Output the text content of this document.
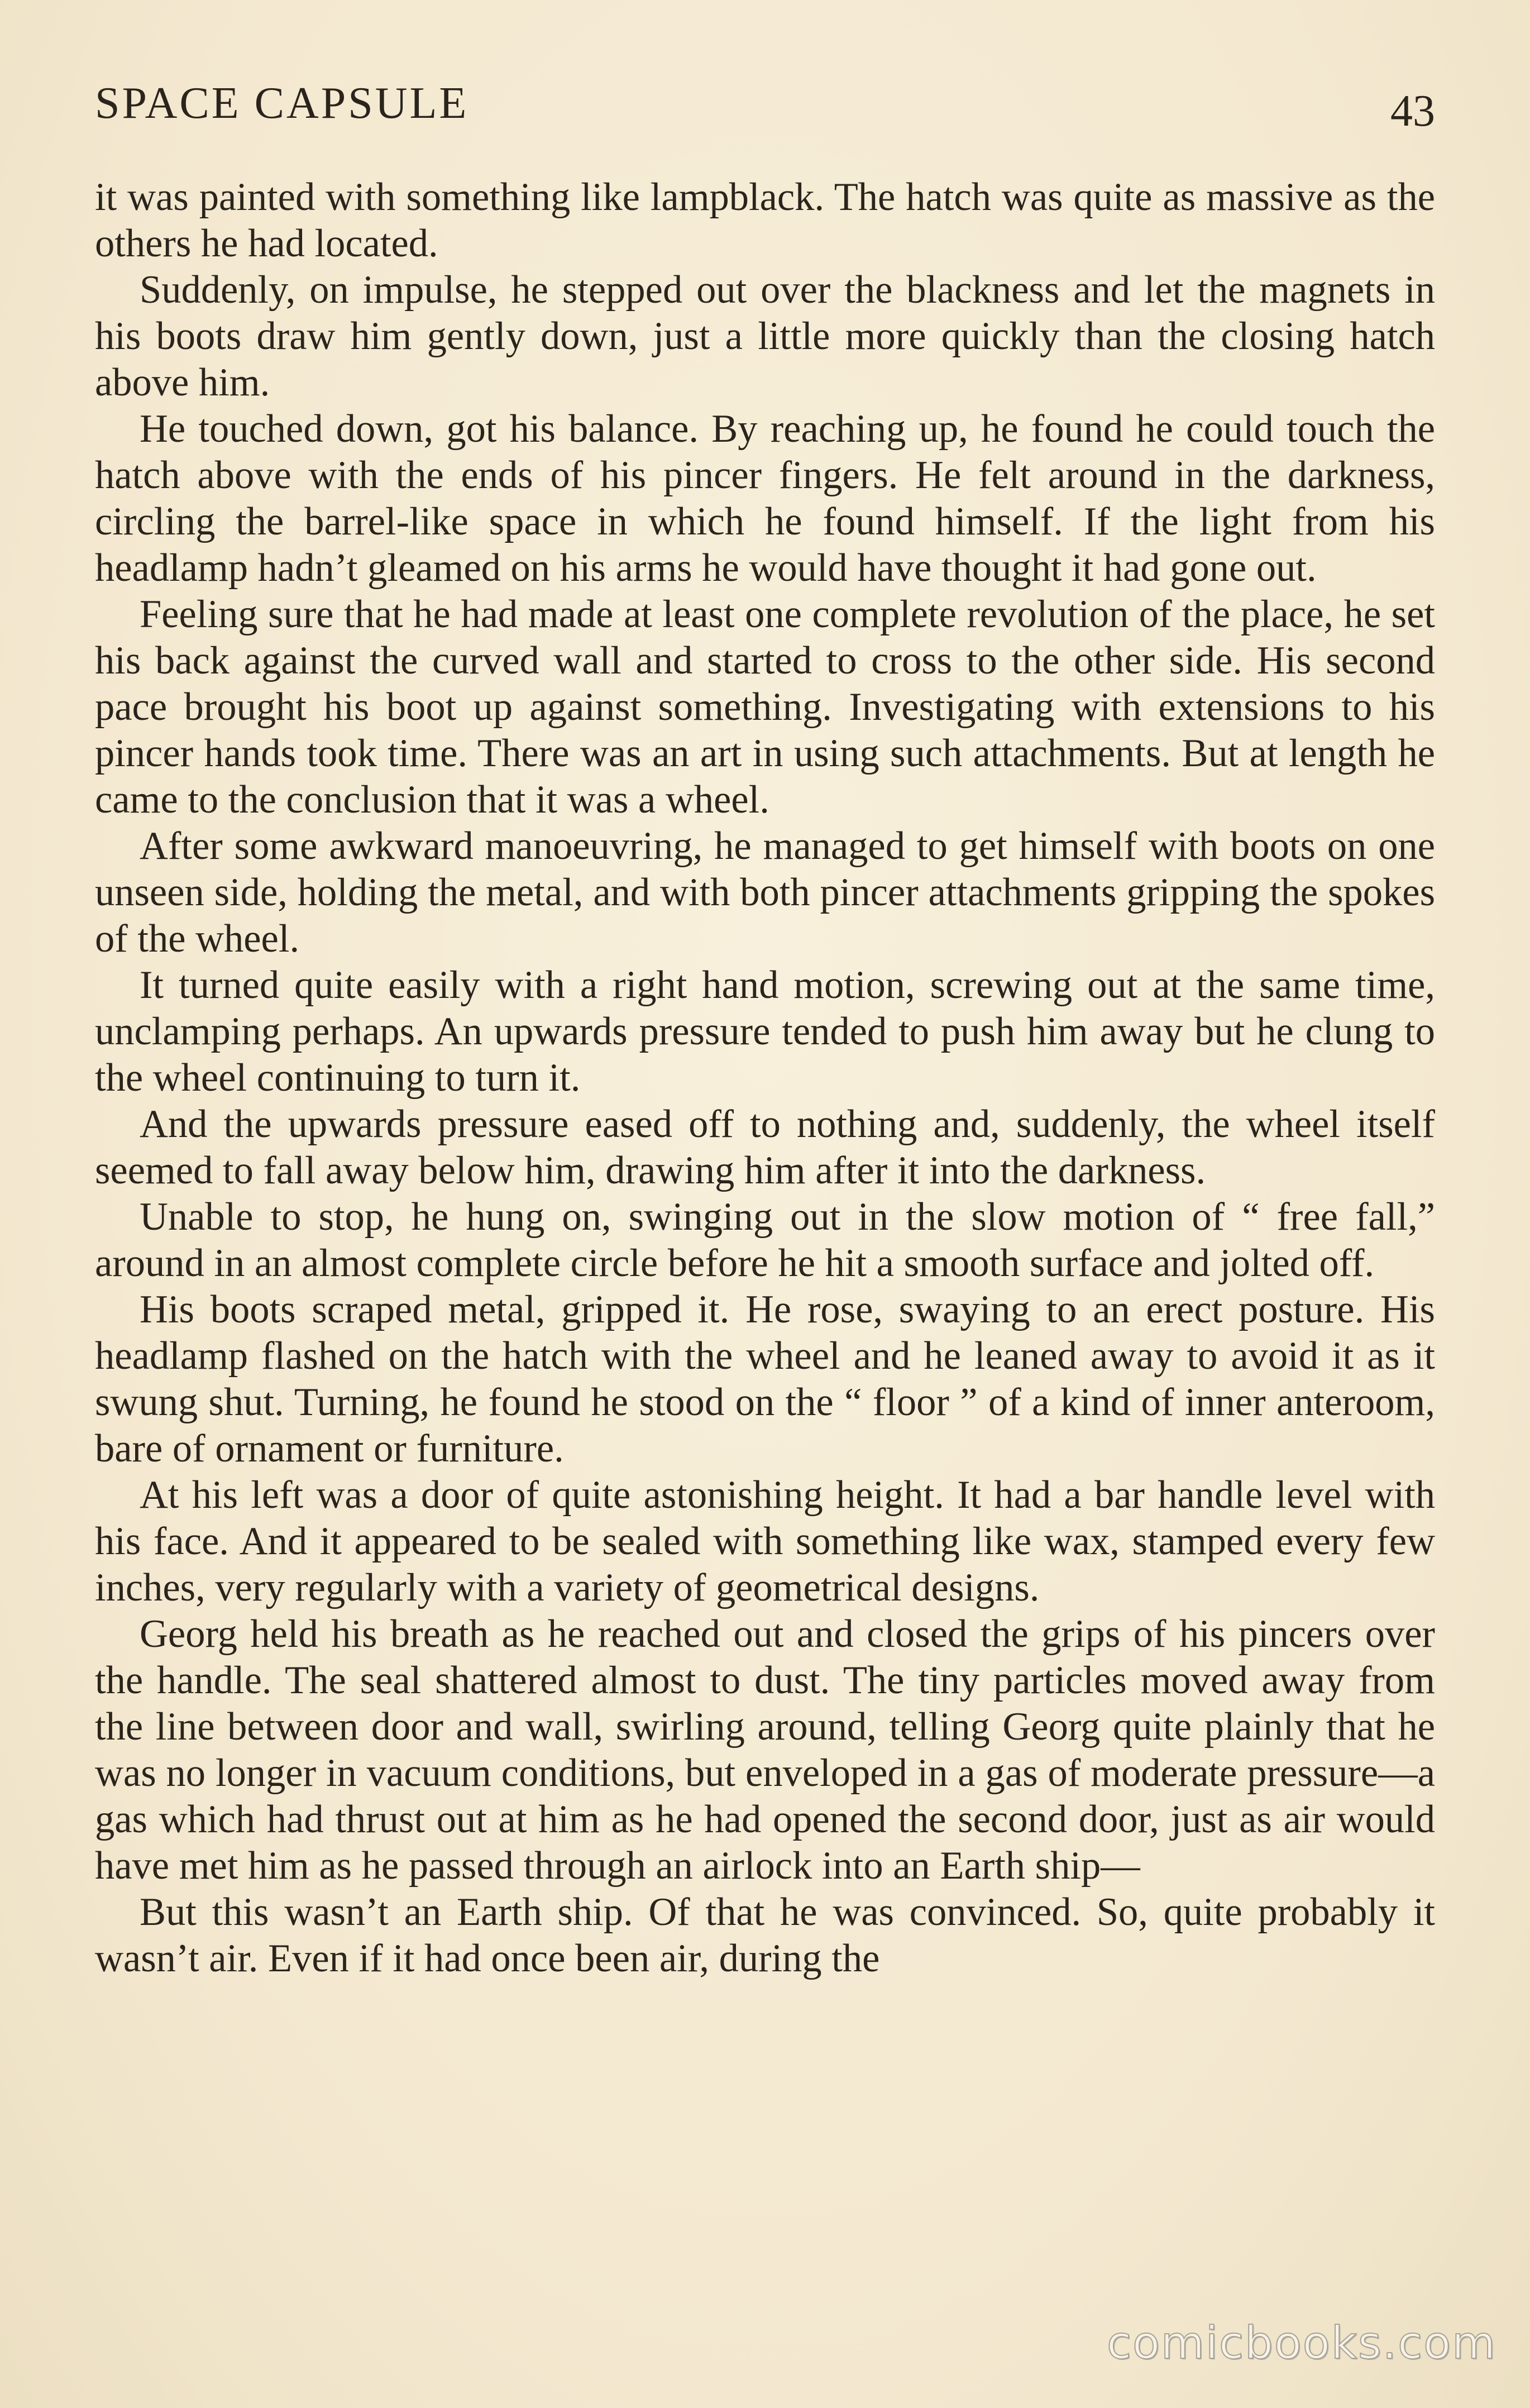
SPACE CAPSULE	43

it was painted with something like lampblack. The hatch was quite as massive as the others he had located.

Suddenly, on impulse, he stepped out over the blackness and let the magnets in his boots draw him gently down, just a little more quickly than the closing hatch above him.

He touched down, got his balance. By reaching up, he found he could touch the hatch above with the ends of his pincer fingers. He felt around in the darkness, circling the barrel-like space in which he found himself. If the light from his headlamp hadn’t gleamed on his arms he would have thought it had gone out.

Feeling sure that he had made at least one complete revolution of the place, he set his back against the curved wall and started to cross to the other side. His second pace brought his boot up against something. Investigating with extensions to his pincer hands took time. There was an art in using such attachments. But at length he came to the conclusion that it was a wheel.

After some awkward manoeuvring, he managed to get himself with boots on one unseen side, holding the metal, and with both pincer attachments gripping the spokes of the wheel.

It turned quite easily with a right hand motion, screwing out at the same time, unclamping perhaps. An upwards pressure tended to push him away but he clung to the wheel continuing to turn it.

And the upwards pressure eased off to nothing and, suddenly, the wheel itself seemed to fall away below him, drawing him after it into the darkness.

Unable to stop, he hung on, swinging out in the slow motion of “ free fall,” around in an almost complete circle before he hit a smooth surface and jolted off.

His boots scraped metal, gripped it. He rose, swaying to an erect posture. His headlamp flashed on the hatch with the wheel and he leaned away to avoid it as it swung shut. Turning, he found he stood on the “ floor ” of a kind of inner anteroom, bare of ornament or furniture.

At his left was a door of quite astonishing height. It had a bar handle level with his face. And it appeared to be sealed with something like wax, stamped every few inches, very regularly with a variety of geometrical designs.

Georg held his breath as he reached out and closed the grips of his pincers over the handle. The seal shattered almost to dust. The tiny particles moved away from the line between door and wall, swirling around, telling Georg quite plainly that he was no longer in vacuum conditions, but enveloped in a gas of moderate pressure—a gas which had thrust out at him as he had opened the second door, just as air would have met him as he passed through an airlock into an Earth ship—

But this wasn’t an Earth ship. Of that he was convinced. So, quite probably it wasn’t air. Even if it had once been air, during the

comicbooks.com
